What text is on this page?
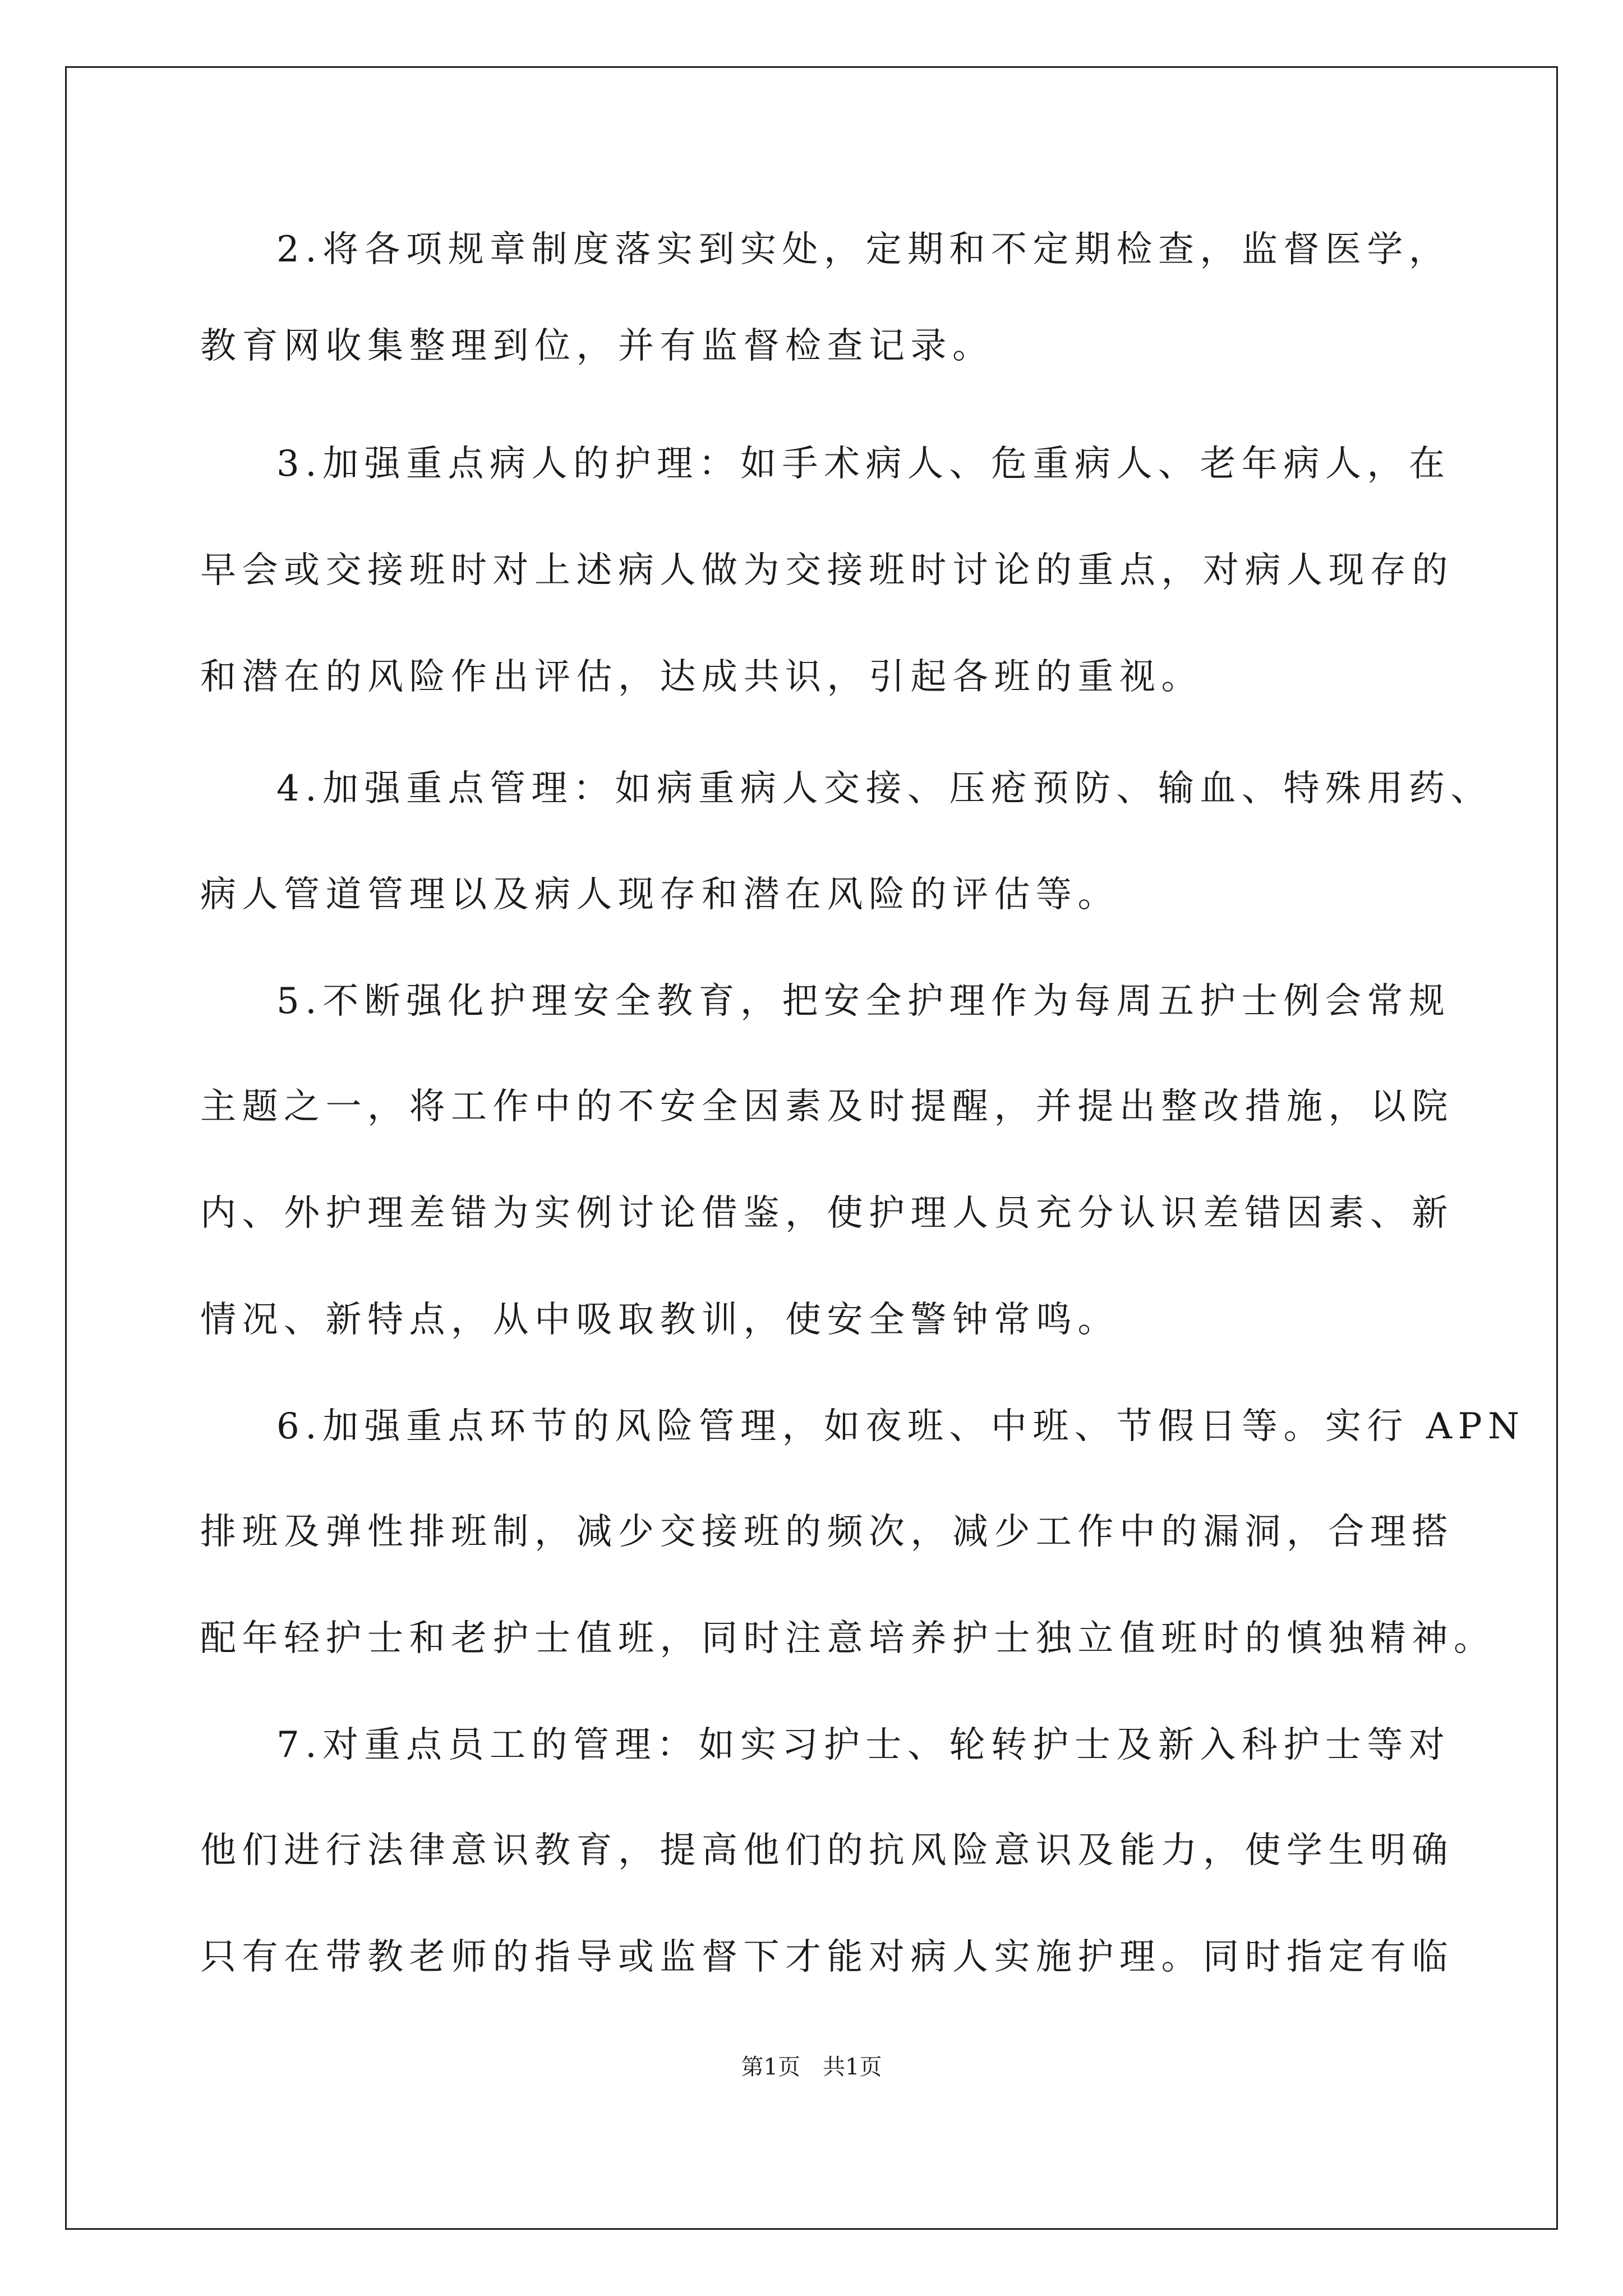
2.将各项规章制度落实到实处，定期和不定期检查，监督医学，
教育网收集整理到位，并有监督检查记录。
3.加强重点病人的护理：如手术病人、危重病人、老年病人，在
早会或交接班时对上述病人做为交接班时讨论的重点，对病人现存的
和潜在的风险作出评估，达成共识，引起各班的重视。
4.加强重点管理：如病重病人交接、压疮预防、输血、特殊用药、
病人管道管理以及病人现存和潜在风险的评估等。
5.不断强化护理安全教育，把安全护理作为每周五护士例会常规
主题之一，将工作中的不安全因素及时提醒，并提出整改措施，以院
内、外护理差错为实例讨论借鉴，使护理人员充分认识差错因素、新
情况、新特点，从中吸取教训，使安全警钟常鸣。
6.加强重点环节的风险管理，如夜班、中班、节假日等。实行 APN
排班及弹性排班制，减少交接班的频次，减少工作中的漏洞，合理搭
配年轻护士和老护士值班，同时注意培养护士独立值班时的慎独精神。
7.对重点员工的管理：如实习护士、轮转护士及新入科护士等对
他们进行法律意识教育，提高他们的抗风险意识及能力，使学生明确
只有在带教老师的指导或监督下才能对病人实施护理。同时指定有临
第1页 共1页
